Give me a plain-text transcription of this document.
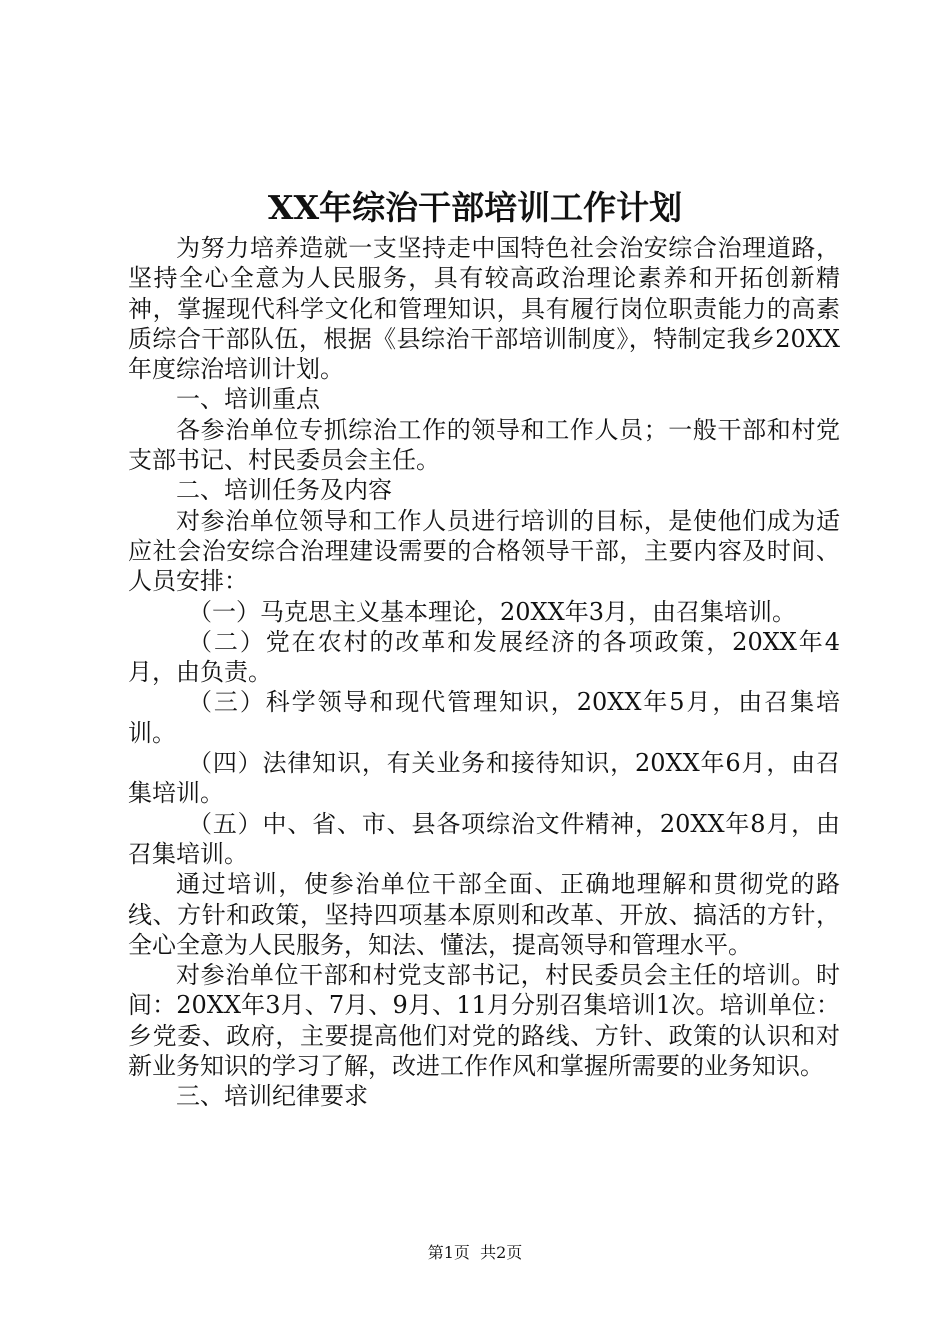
XX年综治干部培训工作计划

为努力培养造就一支坚持走中国特色社会治安综合治理道路，坚持全心全意为人民服务，具有较高政治理论素养和开拓创新精神，掌握现代科学文化和管理知识，具有履行岗位职责能力的高素质综合干部队伍，根据《县综治干部培训制度》，特制定我乡20XX年度综治培训计划。

一、培训重点

各参治单位专抓综治工作的领导和工作人员；一般干部和村党支部书记、村民委员会主任。

二、培训任务及内容

对参治单位领导和工作人员进行培训的目标，是使他们成为适应社会治安综合治理建设需要的合格领导干部，主要内容及时间、人员安排：

（一）马克思主义基本理论，20XX年3月，由召集培训。

（二）党在农村的改革和发展经济的各项政策，20XX年4月，由负责。

（三）科学领导和现代管理知识，20XX年5月，由召集培训。

（四）法律知识，有关业务和接待知识，20XX年6月，由召集培训。

（五）中、省、市、县各项综治文件精神，20XX年8月，由召集培训。

通过培训，使参治单位干部全面、正确地理解和贯彻党的路线、方针和政策，坚持四项基本原则和改革、开放、搞活的方针，全心全意为人民服务，知法、懂法，提高领导和管理水平。

对参治单位干部和村党支部书记，村民委员会主任的培训。时间：20XX年3月、7月、9月、11月分别召集培训1次。培训单位：乡党委、政府，主要提高他们对党的路线、方针、政策的认识和对新业务知识的学习了解，改进工作作风和掌握所需要的业务知识。

三、培训纪律要求

第1页  共2页
